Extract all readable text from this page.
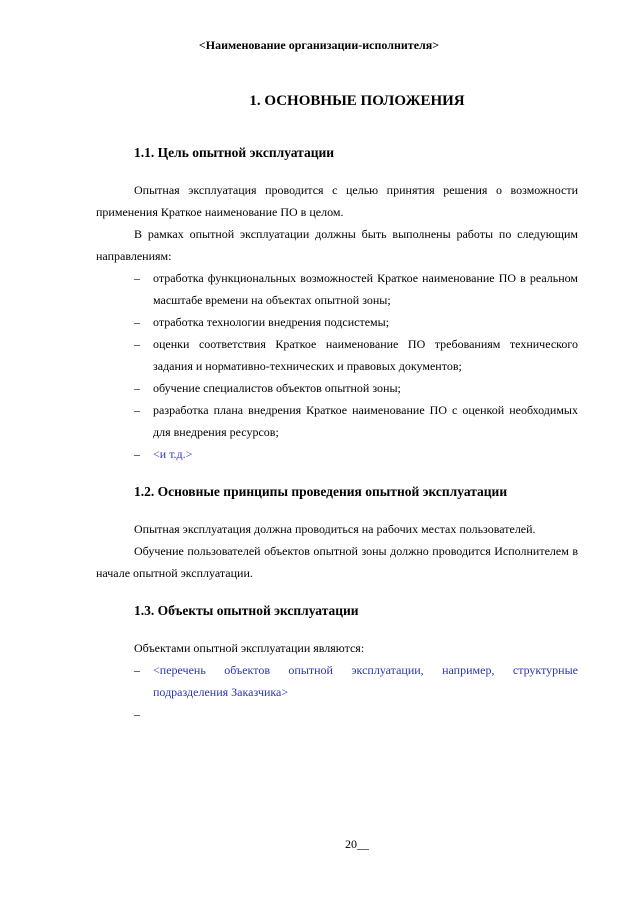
<Наименование организации-исполнителя>
1. ОСНОВНЫЕ ПОЛОЖЕНИЯ
1.1. Цель опытной эксплуатации

Опытная эксплуатация проводится с целью принятия решения о возможности применения Краткое наименование ПО в целом.

В рамках опытной эксплуатации должны быть выполнены работы по следующим направлениям:

– отработка функциональных возможностей Краткое наименование ПО в реальном масштабе времени на объектах опытной зоны;
– отработка технологии внедрения подсистемы;
– оценки соответствия Краткое наименование ПО требованиям технического задания и нормативно-технических и правовых документов;
– обучение специалистов объектов опытной зоны;
– разработка плана внедрения Краткое наименование ПО с оценкой необходимых для внедрения ресурсов;
– <и т.д.>
1.2. Основные принципы проведения опытной эксплуатации

Опытная эксплуатация должна проводиться на рабочих местах пользователей.

Обучение пользователей объектов опытной зоны должно проводится Исполнителем в начале опытной эксплуатации.

1.3. Объекты опытной эксплуатации

Объектами опытной эксплуатации являются:

– <перечень объектов опытной эксплуатации, например, структурные подразделения Заказчика>
–

20__
